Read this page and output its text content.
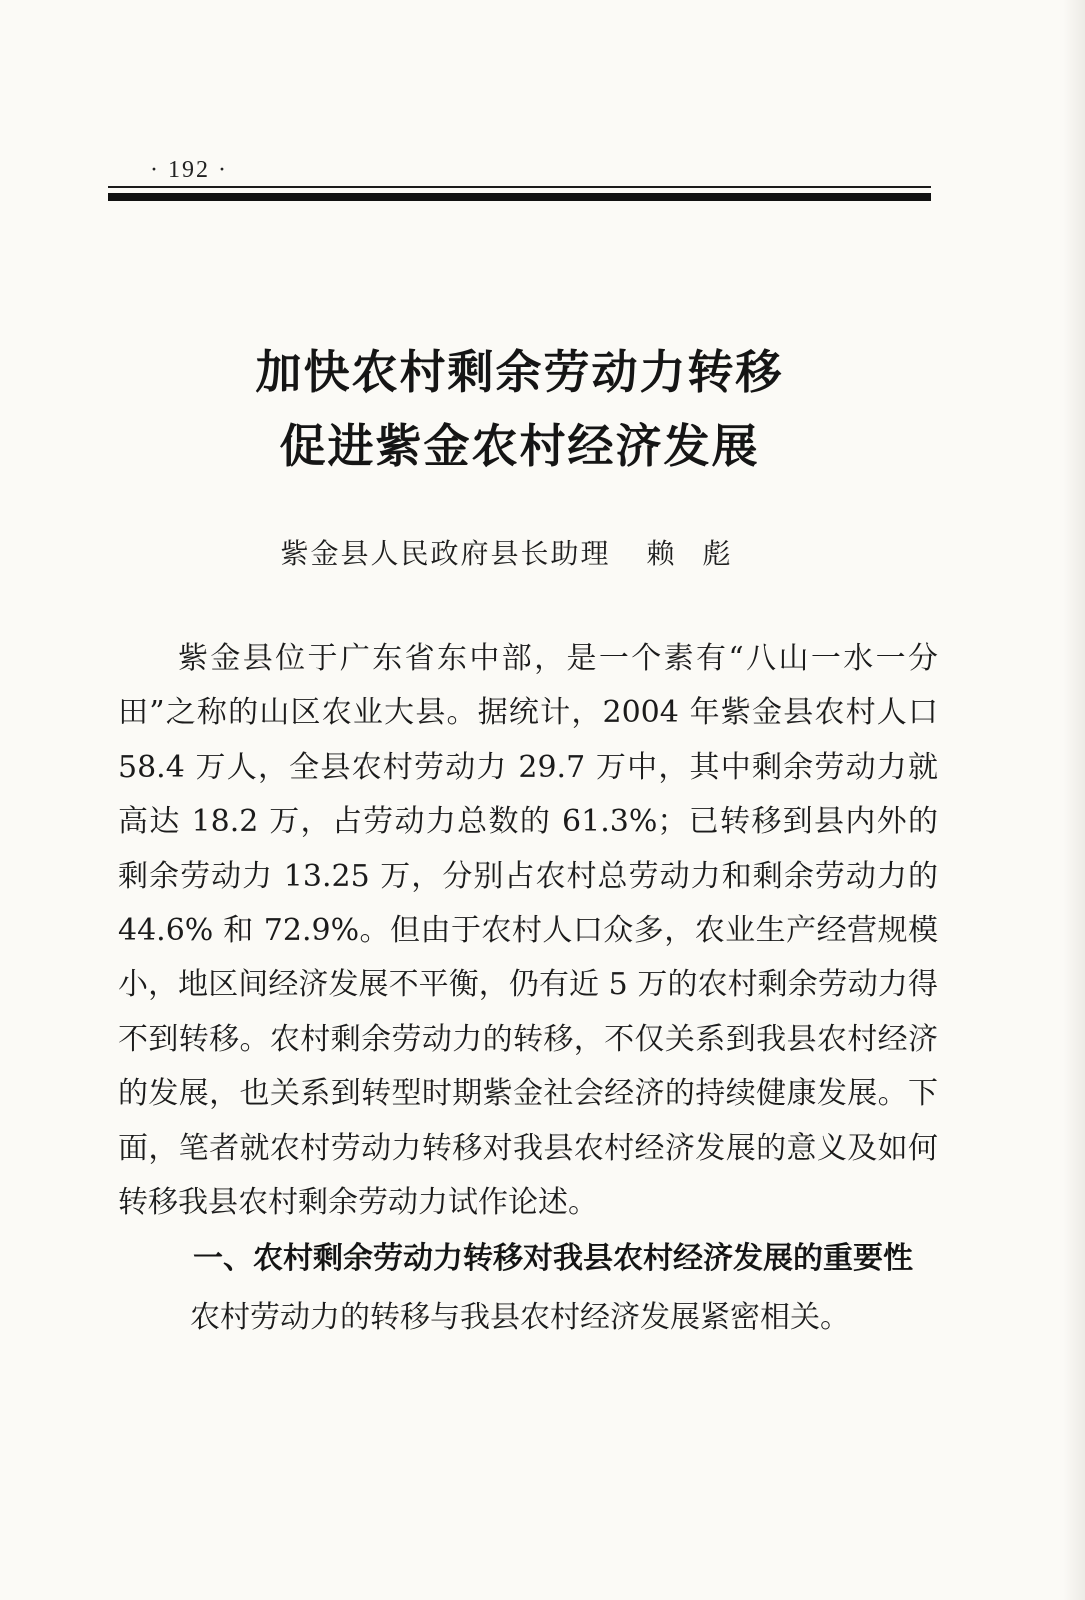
· 192 ·
加快农村剩余劳动力转移
促进紫金农村经济发展
紫金县人民政府县长助理 赖彪

紫金县位于广东省东中部，是一个素有“八山一水一分田”之称的山区农业大县。据统计，2004 年紫金县农村人口 58.4 万人，全县农村劳动力 29.7 万中，其中剩余劳动力就高达 18.2 万，占劳动力总数的 61.3%；已转移到县内外的剩余劳动力 13.25 万，分别占农村总劳动力和剩余劳动力的 44.6% 和 72.9%。但由于农村人口众多，农业生产经营规模小，地区间经济发展不平衡，仍有近 5 万的农村剩余劳动力得不到转移。农村剩余劳动力的转移，不仅关系到我县农村经济的发展，也关系到转型时期紫金社会经济的持续健康发展。下面，笔者就农村劳动力转移对我县农村经济发展的意义及如何转移我县农村剩余劳动力试作论述。

一、农村剩余劳动力转移对我县农村经济发展的重要性

农村劳动力的转移与我县农村经济发展紧密相关。
